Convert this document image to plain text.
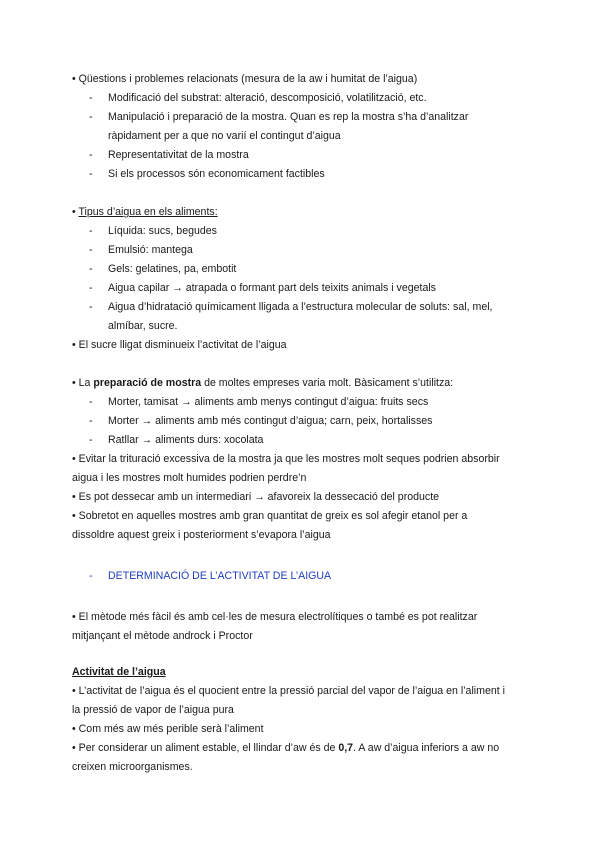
• Qüestions i problemes relacionats (mesura de la aw i humitat de l’aigua)
- Modificació del substrat: alteració, descomposició, volatilització, etc.
- Manipulació i preparació de la mostra. Quan es rep la mostra s’ha d’analitzar
ràpidament per a que no varií el contingut d’aigua
- Representativitat de la mostra
- Si els processos són economicament factibles
• Tipus d’aigua en els aliments:
- Líquida: sucs, begudes
- Emulsió: mantega
- Gels: gelatines, pa, embotit
- Aigua capilar → atrapada o formant part dels teixits animals i vegetals
- Aigua d’hidratació químicament lligada a l’estructura molecular de soluts: sal, mel,
almíbar, sucre.
• El sucre lligat disminueix l’activitat de l’aigua
• La preparació de mostra de moltes empreses varia molt. Bàsicament s’utilitza:
- Morter, tamisat → aliments amb menys contingut d’aigua: fruits secs
- Morter → aliments amb més contingut d’aigua; carn, peix, hortalisses
- Ratllar → aliments durs: xocolata
• Evitar la trituració excessiva de la mostra ja que les mostres molt seques podrien absorbir
aigua i les mostres molt humides podrien perdre’n
• Es pot dessecar amb un intermediari → afavoreix la dessecació del producte
• Sobretot en aquelles mostres amb gran quantitat de greix es sol afegir etanol per a
dissoldre aquest greix i posteriorment s’evapora l’aigua
- DETERMINACIÓ DE L’ACTIVITAT DE L’AIGUA
• El mètode més fàcil és amb cel·les de mesura electrolítiques o també es pot realitzar
mitjançant el mètode androck i Proctor
Activitat de l’aigua
• L’activitat de l’aigua és el quocient entre la pressió parcial del vapor de l’aigua en l’aliment i
la pressió de vapor de l’aigua pura
• Com més aw més perible serà l’aliment
• Per considerar un aliment estable, el llindar d’aw és de 0,7. A aw d’aigua inferiors a aw no
creixen microorganismes.
